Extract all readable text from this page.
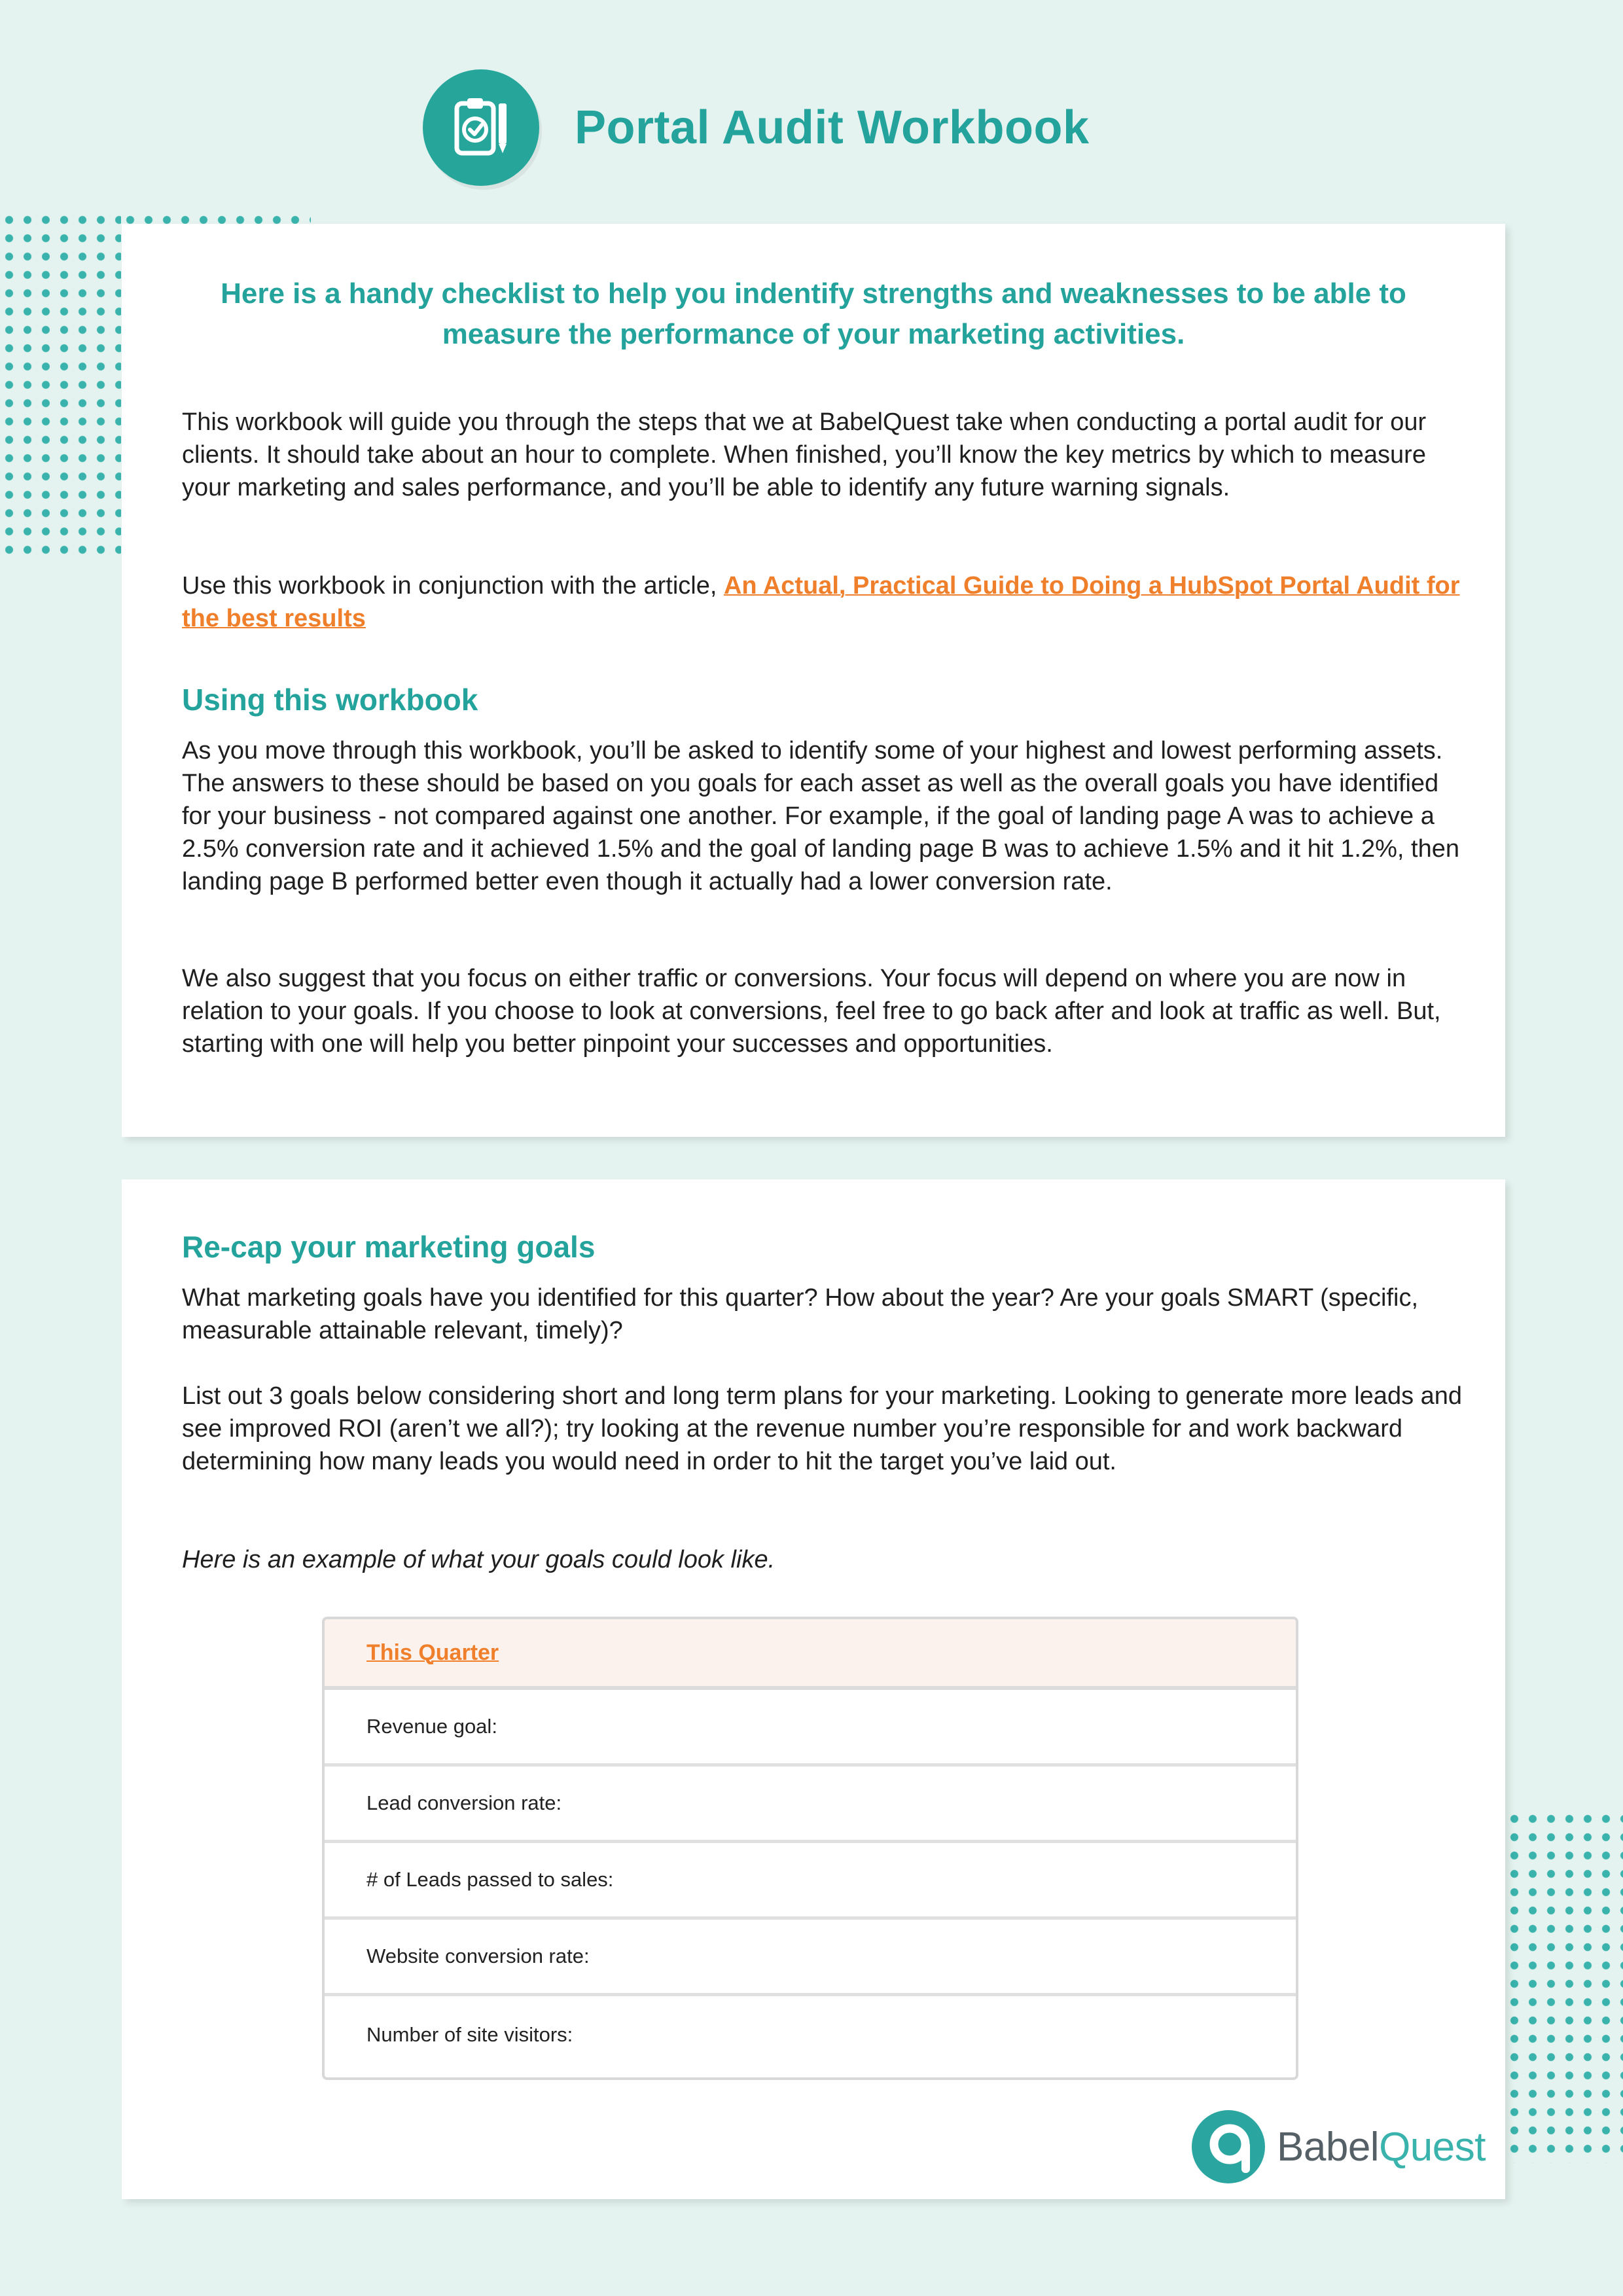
Portal Audit Workbook
Here is a handy checklist to help you indentify strengths and weaknesses to be able to measure the performance of your marketing activities.
This workbook will guide you through the steps that we at BabelQuest take when conducting a portal audit for our clients. It should take about an hour to complete. When finished, you’ll know the key metrics by which to measure your marketing and sales performance, and you’ll be able to identify any future warning signals.
Use this workbook in conjunction with the article, An Actual, Practical Guide to Doing a HubSpot Portal Audit for the best results
Using this workbook
As you move through this workbook, you’ll be asked to identify some of your highest and lowest performing assets. The answers to these should be based on you goals for each asset as well as the overall goals you have identified for your business - not compared against one another. For example, if the goal of landing page A was to achieve a 2.5% conversion rate and it achieved 1.5% and the goal of landing page B was to achieve 1.5% and it hit 1.2%, then landing page B performed better even though it actually had a lower conversion rate.
We also suggest that you focus on either traffic or conversions. Your focus will depend on where you are now in relation to your goals. If you choose to look at conversions, feel free to go back after and look at traffic as well. But, starting with one will help you better pinpoint your successes and opportunities.
Re-cap your marketing goals
What marketing goals have you identified for this quarter? How about the year? Are your goals SMART (specific, measurable attainable relevant, timely)?
List out 3 goals below considering short and long term plans for your marketing. Looking to generate more leads and see improved ROI (aren’t we all?); try looking at the revenue number you’re responsible for and work backward determining how many leads you would need in order to hit the target you’ve laid out.
Here is an example of what your goals could look like.
This Quarter
Revenue goal:
Lead conversion rate:
# of Leads passed to sales:
Website conversion rate:
Number of site visitors:
BabelQuest
